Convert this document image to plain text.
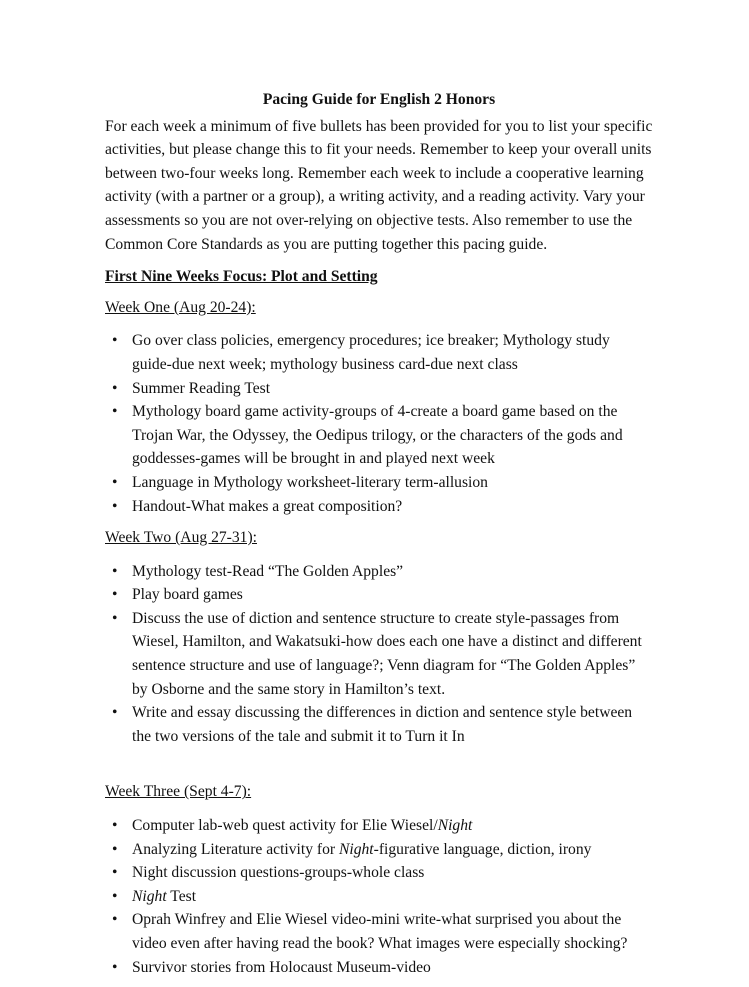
Pacing Guide for English 2 Honors

For each week a minimum of five bullets has been provided for you to list your specific activities, but please change this to fit your needs. Remember to keep your overall units between two-four weeks long. Remember each week to include a cooperative learning activity (with a partner or a group), a writing activity, and a reading activity. Vary your assessments so you are not over-relying on objective tests. Also remember to use the Common Core Standards as you are putting together this pacing guide.

First Nine Weeks Focus: Plot and Setting

Week One (Aug 20-24):

• Go over class policies, emergency procedures; ice breaker; Mythology study guide-due next week; mythology business card-due next class
• Summer Reading Test
• Mythology board game activity-groups of 4-create a board game based on the Trojan War, the Odyssey, the Oedipus trilogy, or the characters of the gods and goddesses-games will be brought in and played next week
• Language in Mythology worksheet-literary term-allusion
• Handout-What makes a great composition?

Week Two (Aug 27-31):

• Mythology test-Read “The Golden Apples”
• Play board games
• Discuss the use of diction and sentence structure to create style-passages from Wiesel, Hamilton, and Wakatsuki-how does each one have a distinct and different sentence structure and use of language?; Venn diagram for “The Golden Apples” by Osborne and the same story in Hamilton’s text.
• Write and essay discussing the differences in diction and sentence style between the two versions of the tale and submit it to Turn it In

Week Three (Sept 4-7):

• Computer lab-web quest activity for Elie Wiesel/Night
• Analyzing Literature activity for Night-figurative language, diction, irony
• Night discussion questions-groups-whole class
• Night Test
• Oprah Winfrey and Elie Wiesel video-mini write-what surprised you about the video even after having read the book? What images were especially shocking?
• Survivor stories from Holocaust Museum-video
